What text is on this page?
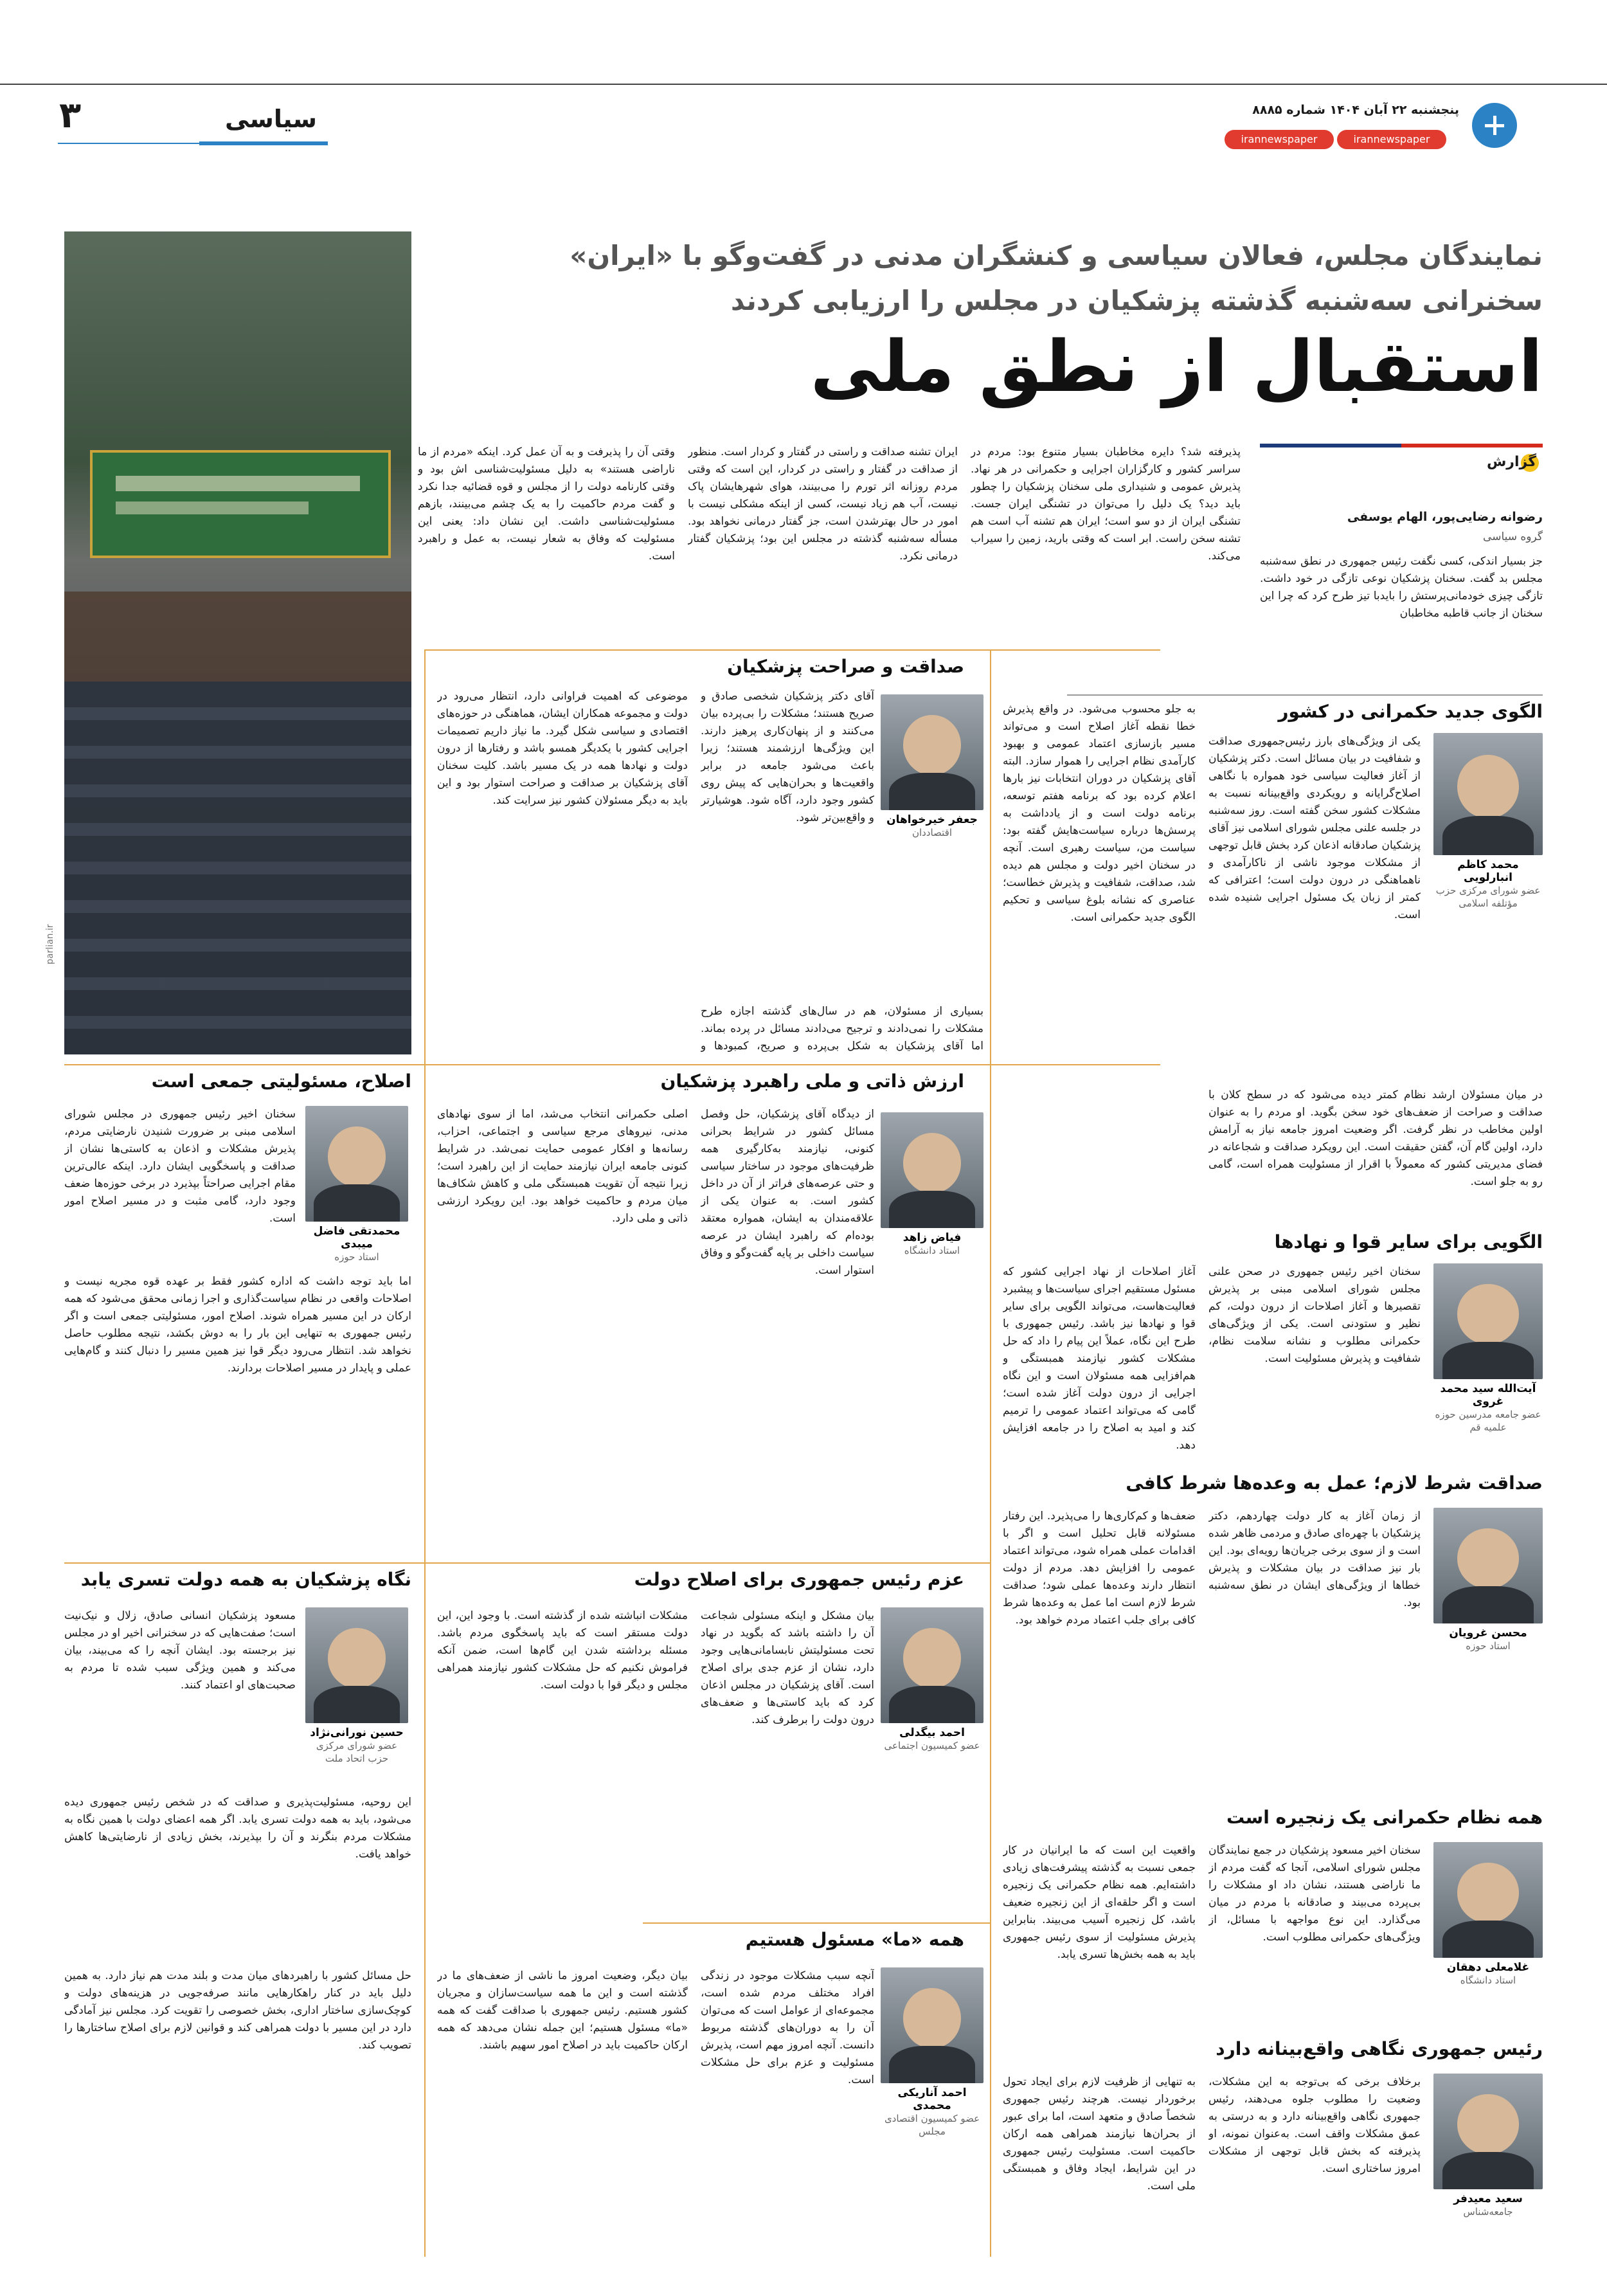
۳	سیاسی	پنجشنبه ۲۲ آبان ۱۴۰۴ شماره ۸۸۸۵
irannewspaper
irannewspaper
نمایندگان مجلس، فعالان سیاسی و کنشگران مدنی در گفت‌وگو با «ایران»
سخنرانی سه‌شنبه گذشته پزشکیان در مجلس را ارزیابی کردند
استقبال از نطق ملی
گزارش
رضوانه رضایی‌پور، الهام یوسفی
گروه سیاسی
جز بسیار اندکی، کسی نگفت رئیس جمهوری در نطق سه‌شنبه مجلس بد گفت. سخنان پزشکیان نوعی تازگی در خود داشت. تازگی چیزی خودمانی‌پرستش را بایدبا تیز طرح کرد که چرا این سخنان از جانب قاطبه مخاطبان
پذیرفته شد؟ دایره مخاطبان بسیار متنوع بود: مردم در سراسر کشور و کارگزاران اجرایی و حکمرانی در هر نهاد. پذیرش عمومی و شنیداری ملی سخنان پزشکیان را چطور باید دید؟ یک دلیل را می‌توان در تشنگی ایران جست. تشنگی ایران از دو سو است؛ ایران هم تشنه آب است هم تشنه سخن راست. ابر است که وقتی بارید، زمین را سیراب می‌کند.
ایران تشنه صداقت و راستی در گفتار و کردار است. منظور از صداقت در گفتار و راستی در کردار، این است که وقتی مردم روزانه اثر تورم را می‌بینند، هوای شهرهایشان پاک نیست، آب هم زیاد نیست، کسی از اینکه مشکلی نیست با امور در حال بهترشدن است، جز گفتار درمانی نخواهد بود. مسأله سه‌شنبه گذشته در مجلس این بود؛ پزشکیان گفتار درمانی نکرد.
وقتی آن را پذیرفت و به آن عمل کرد. اینکه «مردم از ما ناراضی هستند» به دلیل مسئولیت‌شناسی اش بود و وقتی کارنامه دولت را از مجلس و قوه قضائیه جدا نکرد و گفت مردم حاکمیت را به یک چشم می‌بینند، بازهم مسئولیت‌شناسی داشت. این نشان داد: یعنی این مسئولیت که وفاق به شعار نیست، به عمل و راهبرد است.
parlian.ir
الگوی جدید حکمرانی در کشور
محمد کاظم انبارلویی
عضو شورای مرکزی حزب مؤتلفه اسلامی
یکی از ویژگی‌های بارز رئیس‌جمهوری صداقت و شفافیت در بیان مسائل است. دکتر پزشکیان از آغاز فعالیت سیاسی خود همواره با نگاهی اصلاح‌گرایانه و رویکردی واقع‌بینانه نسبت به مشکلات کشور سخن گفته است. روز سه‌شنبه در جلسه علنی مجلس شورای اسلامی نیز آقای پزشکیان صادقانه اذعان کرد بخش قابل توجهی از مشکلات موجود ناشی از ناکارآمدی و ناهماهنگی در درون دولت است؛ اعترافی که کمتر از زبان یک مسئول اجرایی شنیده شده است.
در میان مسئولان ارشد نظام کمتر دیده می‌شود که در سطح کلان با صداقت و صراحت از ضعف‌های خود سخن بگوید. او مردم را به عنوان اولین مخاطب در نظر گرفت. اگر وضعیت امروز جامعه نیاز به آرامش دارد، اولین گام آن، گفتن حقیقت است. این رویکرد صداقت و شجاعانه در فضای مدیریتی کشور که معمولاً با اقرار از مسئولیت همراه است، گامی رو به جلو است.
به جلو محسوب می‌شود. در واقع پذیرش خطا نقطه آغاز اصلاح است و می‌تواند مسیر بازسازی اعتماد عمومی و بهبود کارآمدی نظام اجرایی را هموار سازد. البته آقای پزشکیان در دوران انتخابات نیز بارها اعلام کرده بود که برنامه هفتم توسعه، برنامه دولت است و از یادداشت به پرسش‌ها درباره سیاست‌هایش گفته بود: سیاست من، سیاست رهبری است. آنچه در سخنان اخیر دولت و مجلس هم دیده شد، صداقت، شفافیت و پذیرش خطاست؛ عناصری که نشانه بلوغ سیاسی و تحکیم الگوی جدید حکمرانی است.
صداقت و صراحت پزشکیان
جعفر خیرخواهان
اقتصاددان
آقای دکتر پزشکیان شخصی صادق و صریح هستند؛ مشکلات را بی‌پرده بیان می‌کنند و از پنهان‌کاری پرهیز دارند. این ویژگی‌ها ارزشمند هستند؛ زیرا باعث می‌شود جامعه در برابر واقعیت‌ها و بحران‌هایی که پیش روی کشور وجود دارد، آگاه شود. هوشیارتر و واقع‌بین‌تر شود.
بسیاری از مسئولان، هم در سال‌های گذشته اجازه طرح مشکلات را نمی‌دادند و ترجیح می‌دادند مسائل در پرده بماند. اما آقای پزشکیان به شکل بی‌پرده و صریح، کمبودها و
موضوعی که اهمیت فراوانی دارد، انتظار می‌رود در دولت و مجموعه همکاران ایشان، هماهنگی در حوزه‌های اقتصادی و سیاسی شکل گیرد. ما نیاز داریم تصمیمات اجرایی کشور با یکدیگر همسو باشد و رفتارها از درون دولت و نهادها همه در یک مسیر باشد. کلیت سخنان آقای پزشکیان بر صداقت و صراحت استوار بود و این باید به دیگر مسئولان کشور نیز سرایت کند.
الگویی برای سایر قوا و نهادها
آیت‌الله سید محمد غروی
عضو جامعه مدرسین حوزه علمیه قم
سخنان اخیر رئیس جمهوری در صحن علنی مجلس شورای اسلامی مبنی بر پذیرش تقصیرها و آغاز اصلاحات از درون دولت، کم نظیر و ستودنی است. یکی از ویژگی‌های حکمرانی مطلوب و نشانه سلامت نظام، شفافیت و پذیرش مسئولیت است.
آغاز اصلاحات از نهاد اجرایی کشور که مسئول مستقیم اجرای سیاست‌ها و پیشبرد فعالیت‌هاست، می‌تواند الگویی برای سایر قوا و نهادها نیز باشد. رئیس جمهوری با طرح این نگاه، عملاً این پیام را داد که حل مشکلات کشور نیازمند همبستگی و هم‌افزایی همه مسئولان است و این نگاه اجرایی از درون دولت آغاز شده است؛ گامی که می‌تواند اعتماد عمومی را ترمیم کند و امید به اصلاح را در جامعه افزایش دهد.
ارزش ذاتی و ملی راهبرد پزشکیان
فیاض زاهد
استاد دانشگاه
از دیدگاه آقای پزشکیان، حل وفصل مسائل کشور در شرایط بحرانی کنونی، نیازمند به‌کارگیری همه ظرفیت‌های موجود در ساختار سیاسی و حتی عرصه‌های فراتر از آن در داخل کشور است. به عنوان یکی از علاقه‌مندان به ایشان، همواره معتقد بوده‌ام که راهبرد ایشان در عرصه سیاست داخلی بر پایه گفت‌وگو و وفاق استوار است.
اصلی حکمرانی انتخاب می‌شد، اما از سوی نهادهای مدنی، نیروهای مرجع سیاسی و اجتماعی، احزاب، رسانه‌ها و افکار عمومی حمایت نمی‌شد. در شرایط کنونی جامعه ایران نیازمند حمایت از این راهبرد است؛ زیرا نتیجه آن تقویت همبستگی ملی و کاهش شکاف‌ها میان مردم و حاکمیت خواهد بود. این رویکرد ارزشی ذاتی و ملی دارد.
اصلاح، مسئولیتی جمعی است
محمدتقی فاضل میبدی
استاد حوزه
سخنان اخیر رئیس جمهوری در مجلس شورای اسلامی مبنی بر ضرورت شنیدن نارضایتی مردم، پذیرش مشکلات و اذعان به کاستی‌ها نشان از صداقت و پاسخگویی ایشان دارد. اینکه عالی‌ترین مقام اجرایی صراحتاً بپذیرد در برخی حوزه‌ها ضعف وجود دارد، گامی مثبت و در مسیر اصلاح امور است.
اما باید توجه داشت که اداره کشور فقط بر عهده قوه مجریه نیست و اصلاحات واقعی در نظام سیاست‌گذاری و اجرا زمانی محقق می‌شود که همه ارکان در این مسیر همراه شوند. اصلاح امور، مسئولیتی جمعی است و اگر رئیس جمهوری به تنهایی این بار را به دوش بکشد، نتیجه مطلوب حاصل نخواهد شد. انتظار می‌رود دیگر قوا نیز همین مسیر را دنبال کنند و گام‌هایی عملی و پایدار در مسیر اصلاحات بردارند.
صداقت شرط لازم؛ عمل به وعده‌ها شرط کافی
محسن غرویان
استاد حوزه
از زمان آغاز به کار دولت چهاردهم، دکتر پزشکیان با چهره‌ای صادق و مردمی ظاهر شده است و از سوی برخی جریان‌ها رویه‌ای بود. این بار نیز صداقت در بیان مشکلات و پذیرش خطاها از ویژگی‌های ایشان در نطق سه‌شنبه بود.
ضعف‌ها و کم‌کاری‌ها را می‌پذیرد. این رفتار مسئولانه قابل تحلیل است و اگر با اقدامات عملی همراه شود، می‌تواند اعتماد عمومی را افزایش دهد. مردم از دولت انتظار دارند وعده‌ها عملی شود؛ صداقت شرط لازم است اما عمل به وعده‌ها شرط کافی برای جلب اعتماد مردم خواهد بود.
همه نظام حکمرانی یک زنجیره است
غلامعلی دهقان
استاد دانشگاه
سخنان اخیر مسعود پزشکیان در جمع نمایندگان مجلس شورای اسلامی، آنجا که گفت مردم از ما ناراضی هستند، نشان داد او مشکلات را بی‌پرده می‌بیند و صادقانه با مردم در میان می‌گذارد. این نوع مواجهه با مسائل، از ویژگی‌های حکمرانی مطلوب است.
واقعیت این است که ما ایرانیان در کار جمعی نسبت به گذشته پیشرفت‌های زیادی داشته‌ایم. همه نظام حکمرانی یک زنجیره است و اگر حلقه‌ای از این زنجیره ضعیف باشد، کل زنجیره آسیب می‌بیند. بنابراین پذیرش مسئولیت از سوی رئیس جمهوری باید به همه بخش‌ها تسری یابد.
عزم رئیس جمهوری برای اصلاح دولت
احمد بیگدلی
عضو کمیسیون اجتماعی
بیان مشکل و اینکه مسئولی شجاعت آن را داشته باشد که بگوید در نهاد تحت مسئولیتش نابسامانی‌هایی وجود دارد، نشان از عزم جدی برای اصلاح است. آقای پزشکیان در مجلس اذعان کرد که باید کاستی‌ها و ضعف‌های درون دولت را برطرف کند.
مشکلات انباشته شده از گذشته است. با وجود این، این دولت مستقر است که باید پاسخگوی مردم باشد. مسئله برداشته شدن این گام‌ها است، ضمن آنکه فراموش نکنیم که حل مشکلات کشور نیازمند همراهی مجلس و دیگر قوا با دولت است.
نگاه پزشکیان به همه دولت تسری یابد
حسین نورانی‌نژاد
عضو شورای مرکزی حزب اتحاد ملت
مسعود پزشکیان انسانی صادق، زلال و نیک‌نیت است؛ صفت‌هایی که در سخنرانی اخیر او در مجلس نیز برجسته بود. ایشان آنچه را که می‌بیند، بیان می‌کند و همین ویژگی سبب شده تا مردم به صحبت‌های او اعتماد کنند.
این روحیه، مسئولیت‌پذیری و صداقت که در شخص رئیس جمهوری دیده می‌شود، باید به همه دولت تسری یابد. اگر همه اعضای دولت با همین نگاه به مشکلات مردم بنگرند و آن را بپذیرند، بخش زیادی از نارضایتی‌ها کاهش خواهد یافت.
رئیس جمهوری نگاهی واقع‌بینانه دارد
سعید معیدفر
جامعه‌شناس
برخلاف برخی که بی‌توجه به این مشکلات، وضعیت را مطلوب جلوه می‌دهند، رئیس جمهوری نگاهی واقع‌بینانه دارد و به درستی به عمق مشکلات واقف است. به‌عنوان نمونه، او پذیرفته که بخش قابل توجهی از مشکلات امروز ساختاری است.
به تنهایی از ظرفیت لازم برای ایجاد تحول برخوردار نیست. هرچند رئیس جمهوری شخصاً صادق و متعهد است، اما برای عبور از بحران‌ها نیازمند همراهی همه ارکان حاکمیت است. مسئولیت رئیس جمهوری در این شرایط، ایجاد وفاق و همبستگی ملی است.
همه «ما» مسئول هستیم
احمد آناریکی محمدی
عضو کمیسیون اقتصادی مجلس
آنچه سبب مشکلات موجود در زندگی افراد مختلف مردم شده است، مجموعه‌ای از عوامل است که می‌توان آن را به دوران‌های گذشته مربوط دانست. آنچه امروز مهم است، پذیرش مسئولیت و عزم برای حل مشکلات است.
بیان دیگر، وضعیت امروز ما ناشی از ضعف‌های ما در گذشته است و این ما همه سیاست‌سازان و مجریان کشور هستیم. رئیس جمهوری با صداقت گفت که همه «ما» مسئول هستیم؛ این جمله نشان می‌دهد که همه ارکان حاکمیت باید در اصلاح امور سهیم باشند.
حل مسائل کشور با راهبردهای میان مدت و بلند مدت هم نیاز دارد. به همین دلیل باید در کنار راهکارهایی مانند صرفه‌جویی در هزینه‌های دولت و کوچک‌سازی ساختار اداری، بخش خصوصی را تقویت کرد. مجلس نیز آمادگی دارد در این مسیر با دولت همراهی کند و قوانین لازم برای اصلاح ساختارها را تصویب کند.
